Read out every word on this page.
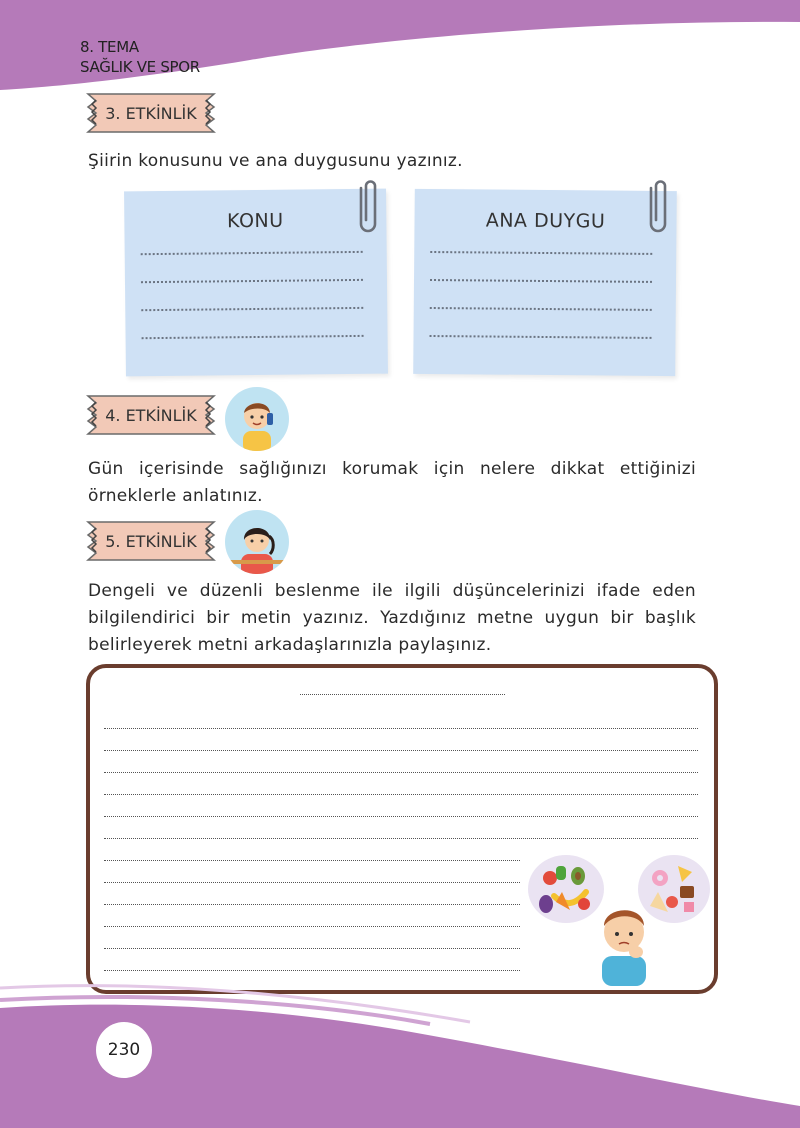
8. TEMA
SAĞLIK VE SPOR
3. ETKİNLİK
Şiirin konusunu ve ana duygusunu yazınız.
KONU	ANA DUYGU
4. ETKİNLİK
Gün içerisinde sağlığınızı korumak için nelere dikkat ettiğinizi örneklerle anlatınız.
5. ETKİNLİK
Dengeli ve düzenli beslenme ile ilgili düşüncelerinizi ifade eden bilgilendirici bir metin yazınız. Yazdığınız metne uygun bir başlık belirleyerek metni arkadaşlarınızla paylaşınız.
230
